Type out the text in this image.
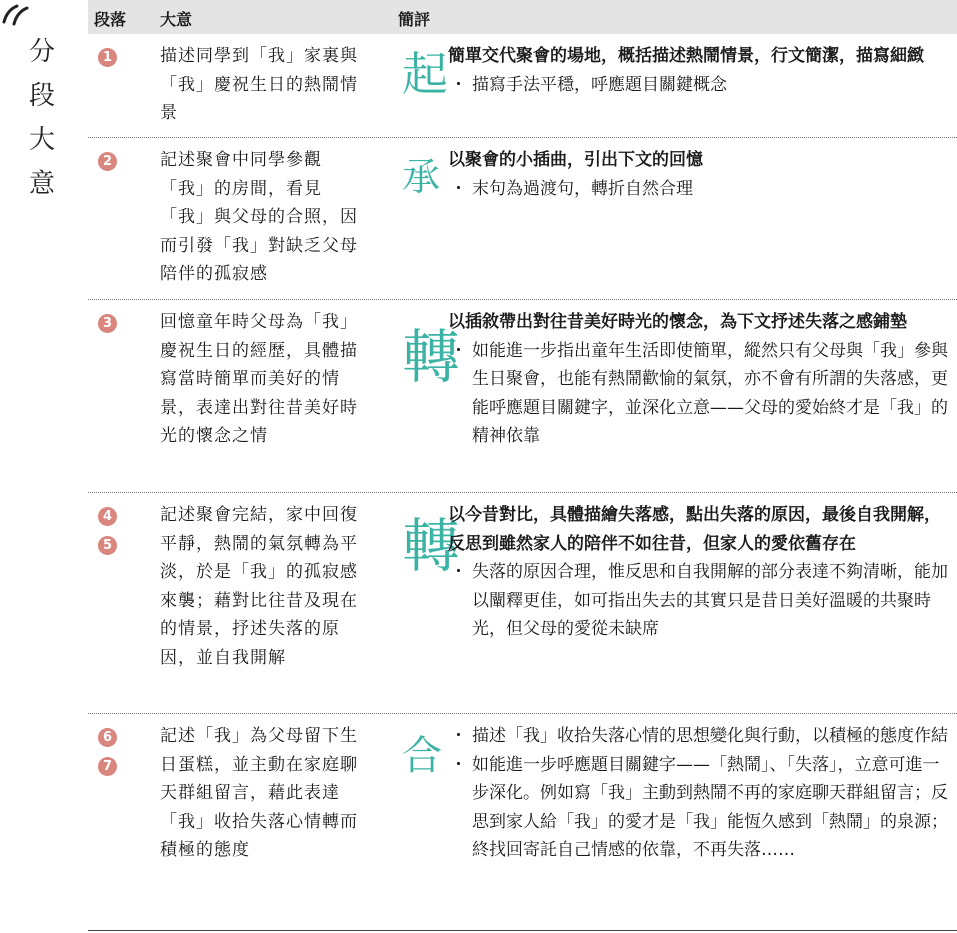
分
段
大
意
段落 大意	簡評
1	描述同學到「我」家裏與「我」慶祝生日的熱鬧情景
起 簡單交代聚會的場地，概括描述熱鬧情景，行文簡潔，描寫細緻
・ 描寫手法平穩，呼應題目關鍵概念
2	記述聚會中同學參觀「我」的房間，看見「我」與父母的合照，因而引發「我」對缺乏父母陪伴的孤寂感
承 以聚會的小插曲，引出下文的回憶
・ 末句為過渡句，轉折自然合理
3	回憶童年時父母為「我」慶祝生日的經歷，具體描寫當時簡單而美好的情景，表達出對往昔美好時光的懷念之情
轉
以插敘帶出對往昔美好時光的懷念，為下文抒述失落之感鋪墊
・ 如能進一步指出童年生活即使簡單，縱然只有父母與「我」參與生日聚會，也能有熱鬧歡愉的氣氛，亦不會有所謂的失落感，更能呼應題目關鍵字，並深化立意——父母的愛始終才是「我」的精神依靠
4
5
記述聚會完結，家中回復平靜，熱鬧的氣氛轉為平淡，於是「我」的孤寂感來襲；藉對比往昔及現在的情景，抒述失落的原因，並自我開解
轉
以今昔對比，具體描繪失落感，點出失落的原因，最後自我開解，反思到雖然家人的陪伴不如往昔，但家人的愛依舊存在
・ 失落的原因合理，惟反思和自我開解的部分表達不夠清晰，能加以闡釋更佳，如可指出失去的其實只是昔日美好溫暖的共聚時光，但父母的愛從未缺席
6
7
記述「我」為父母留下生日蛋糕，並主動在家庭聊天群組留言，藉此表達「我」收拾失落心情轉而積極的態度
合
・	描述「我」收拾失落心情的思想變化與行動，以積極的態度作結
・ 如能進一步呼應題目關鍵字——「熱鬧」、「失落」，立意可進一步深化。例如寫「我」主動到熱鬧不再的家庭聊天群組留言；反思到家人給「我」的愛才是「我」能恆久感到「熱鬧」的泉源；終找回寄託自己情感的依靠，不再失落……
